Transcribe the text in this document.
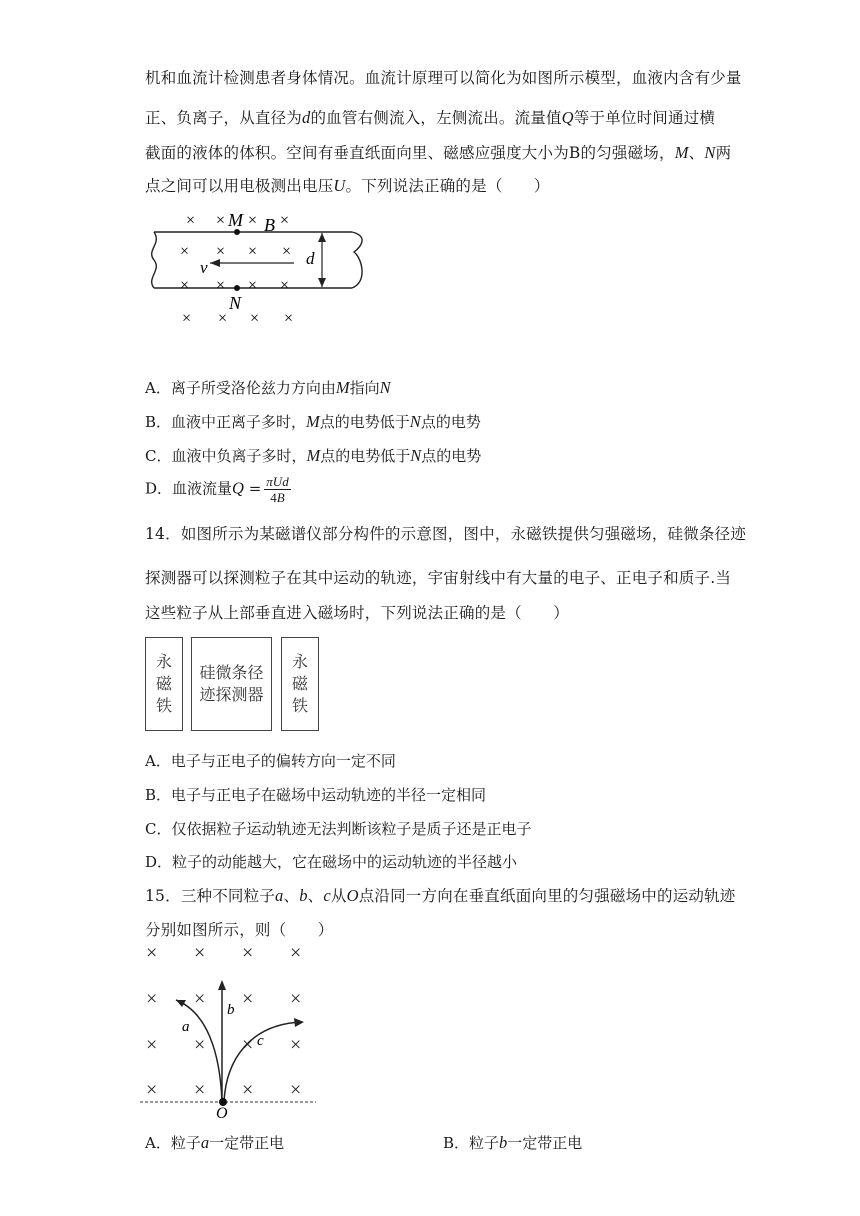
机和血流计检测患者身体情况。血流计原理可以简化为如图所示模型，血液内含有少量
正、负离子，从直径为d的血管右侧流入，左侧流出。流量值Q等于单位时间通过横
截面的液体的体积。空间有垂直纸面向里、磁感应强度大小为B的匀强磁场，M、N两
点之间可以用电极测出电压U。下列说法正确的是（　　）
× × × ×
M B
× × × ×
v	d
× × × ×
N
× × × ×
A．离子所受洛伦兹力方向由M指向N
B．血液中正离子多时，M点的电势低于N点的电势
C．血液中负离子多时，M点的电势低于N点的电势
D．血液流量$Q = \frac{\text{πUd}}{4B}$
14．如图所示为某磁谱仪部分构件的示意图，图中，永磁铁提供匀强磁场，硅微条径迹
探测器可以探测粒子在其中运动的轨迹，宇宙射线中有大量的电子、正电子和质子.当
这些粒子从上部垂直进入磁场时，下列说法正确的是（　　）
永
磁
铁
硅微条径
迹探测器
永
磁
铁
A．电子与正电子的偏转方向一定不同
B．电子与正电子在磁场中运动轨迹的半径一定相同
C．仅依据粒子运动轨迹无法判断该粒子是质子还是正电子
D．粒子的动能越大，它在磁场中的运动轨迹的半径越小
15．三种不同粒子a、b、c从O点沿同一方向在垂直纸面向里的匀强磁场中的运动轨迹
分别如图所示，则（　　）
× × × ×
× × × ×
× × × ×
× × × ×
a
b
c
O
A．粒子a一定带正电	B．粒子b一定带正电
